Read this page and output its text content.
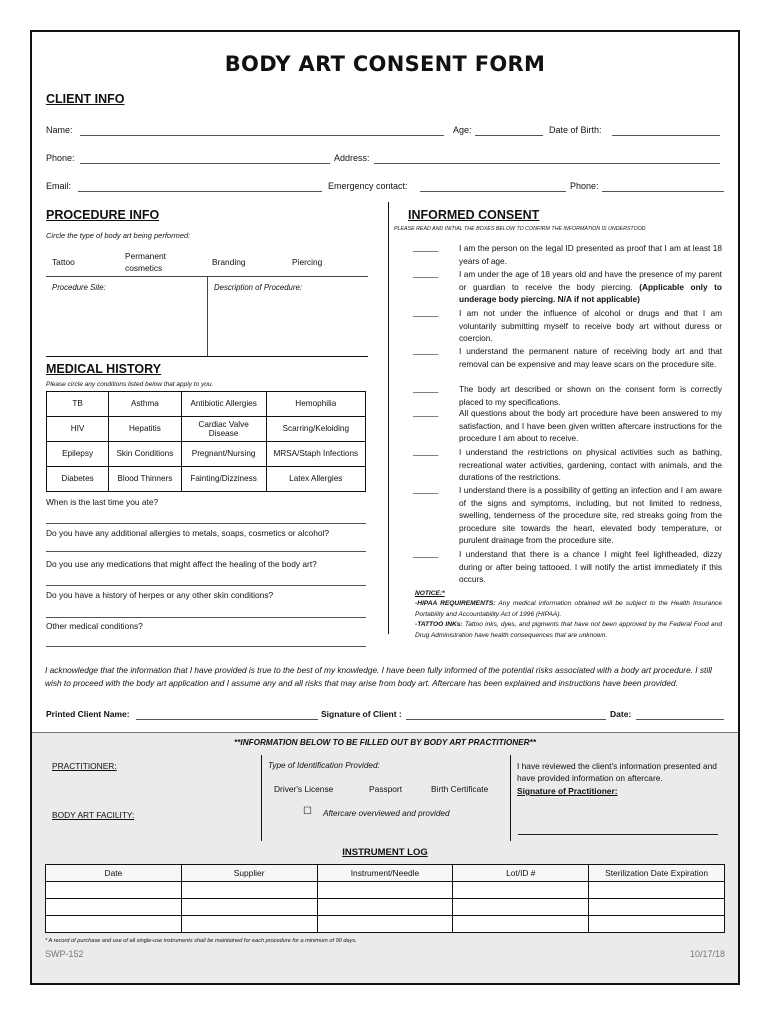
BODY ART CONSENT FORM
CLIENT INFO
Name:	Age:	Date of Birth:
Phone:	Address:
Email:	Emergency contact:	Phone:
PROCEDURE INFO
Circle the type of body art being performed:
Tattoo
Permanent cosmetics
Branding	Piercing
Procedure Site:	Description of Procedure:
MEDICAL HISTORY
Please circle any conditions listed below that apply to you.
TB	Asthma	Antibiotic Allergies	Hemophilia
HIV	Hepatitis	Cardiac Valve Disease	Scarring/Keloiding
Epilepsy	Skin Conditions	Pregnant/Nursing	MRSA/Staph Infections
Diabetes	Blood Thinners	Fainting/Dizziness	Latex Allergies
When is the last time you ate?
Do you have any additional allergies to metals, soaps, cosmetics or alcohol?
Do you use any medications that might affect the healing of the body art?
Do you have a history of herpes or any other skin conditions?
Other medical conditions?
INFORMED CONSENT
PLEASE READ AND INITIAL THE BOXES BELOW TO CONFIRM THE INFORMATION IS UNDERSTOOD
______	I am the person on the legal ID presented as proof that I am at least 18 years of age.
______	I am under the age of 18 years old and have the presence of my parent or guardian to receive the body piercing. (Applicable only to underage body piercing. N/A if not applicable)
______	I am not under the influence of alcohol or drugs and that I am voluntarily submitting myself to receive body art without duress or coercion.
______	I understand the permanent nature of receiving body art and that removal can be expensive and may leave scars on the procedure site.
______	The body art described or shown on the consent form is correctly placed to my specifications.
______	All questions about the body art procedure have been answered to my satisfaction, and I have been given written aftercare instructions for the procedure I am about to receive.
______	I understand the restrictions on physical activities such as bathing, recreational water activities, gardening, contact with animals, and the durations of the restrictions.
______	I understand there is a possibility of getting an infection and I am aware of the signs and symptoms, including, but not limited to redness, swelling, tenderness of the procedure site, red streaks going from the procedure site towards the heart, elevated body temperature, or purulent drainage from the procedure site.
______	I understand that there is a chance I might feel lightheaded, dizzy during or after being tattooed. I will notify the artist immediately if this occurs.
NOTICE:*
-HIPAA REQUIREMENTS: Any medical information obtained will be subject to the Health Insurance Portability and Accountability Act of 1996 (HIPAA).
-TATTOO INKs: Tattoo inks, dyes, and pigments that have not been approved by the Federal Food and Drug Administration have health consequences that are unknown.
I acknowledge that the information that I have provided is true to the best of my knowledge. I have been fully informed of the potential risks associated with a body art procedure. I still wish to proceed with the body art application and I assume any and all risks that may arise from body art. Aftercare has been explained and instructions have been provided.
Printed Client Name:	Signature of Client :	Date:
**INFORMATION BELOW TO BE FILLED OUT BY BODY ART PRACTITIONER**
PRACTITIONER:
BODY ART FACILITY:
Type of Identification Provided:
Driver's License	Passport	Birth Certificate
☐ Aftercare overviewed and provided
I have reviewed the client's information presented and have provided information on aftercare.
Signature of Practitioner:
INSTRUMENT LOG
Date	Supplier	Instrument/Needle	Lot/ID #	Sterilization Date Expiration

* A record of purchase and use of all single-use instruments shall be maintained for each procedure for a minimum of 90 days.
SWP-152	10/17/18
